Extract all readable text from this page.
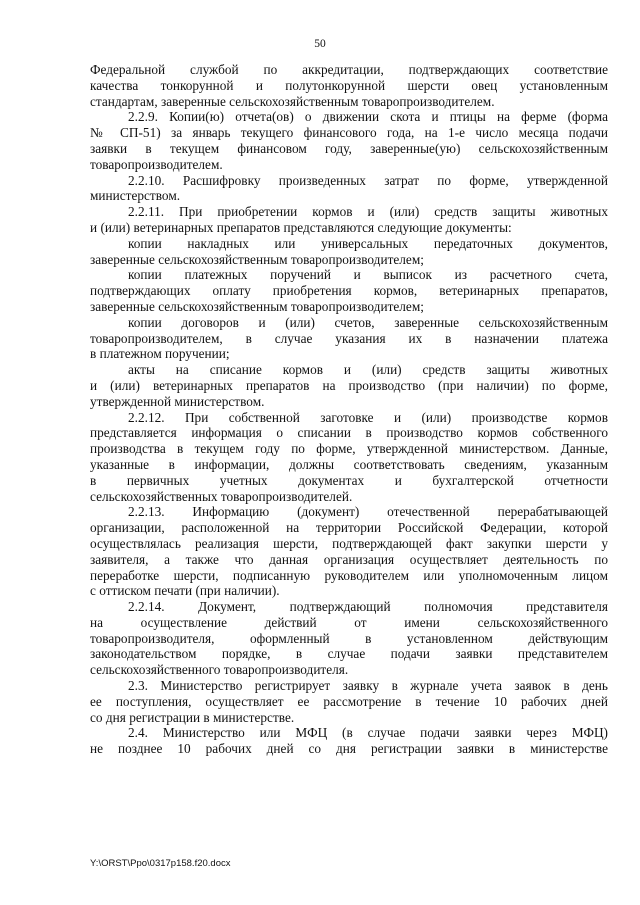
50
Федеральной службой по аккредитации, подтверждающих соответствие
качества тонкорунной и полутонкорунной шерсти овец установленным
стандартам, заверенные сельскохозяйственным товаропроизводителем.
2.2.9. Копии(ю) отчета(ов) о движении скота и птицы на ферме (форма
№ СП-51) за январь текущего финансового года, на 1-е число месяца подачи
заявки в текущем финансовом году, заверенные(ую) сельскохозяйственным
товаропроизводителем.
2.2.10. Расшифровку произведенных затрат по форме, утвержденной
министерством.
2.2.11. При приобретении кормов и (или) средств защиты животных
и (или) ветеринарных препаратов представляются следующие документы:
копии накладных или универсальных передаточных документов,
заверенные сельскохозяйственным товаропроизводителем;
копии платежных поручений и выписок из расчетного счета,
подтверждающих оплату приобретения кормов, ветеринарных препаратов,
заверенные сельскохозяйственным товаропроизводителем;
копии договоров и (или) счетов, заверенные сельскохозяйственным
товаропроизводителем, в случае указания их в назначении платежа
в платежном поручении;
акты на списание кормов и (или) средств защиты животных
и (или) ветеринарных препаратов на производство (при наличии) по форме,
утвержденной министерством.
2.2.12. При собственной заготовке и (или) производстве кормов
представляется информация о списании в производство кормов собственного
производства в текущем году по форме, утвержденной министерством. Данные,
указанные в информации, должны соответствовать сведениям, указанным
в первичных учетных документах и бухгалтерской отчетности
сельскохозяйственных товаропроизводителей.
2.2.13. Информацию (документ) отечественной перерабатывающей
организации, расположенной на территории Российской Федерации, которой
осуществлялась реализация шерсти, подтверждающей факт закупки шерсти у
заявителя, а также что данная организация осуществляет деятельность по
переработке шерсти, подписанную руководителем или уполномоченным лицом
с оттиском печати (при наличии).
2.2.14. Документ, подтверждающий полномочия представителя
на осуществление действий от имени сельскохозяйственного
товаропроизводителя, оформленный в установленном действующим
законодательством порядке, в случае подачи заявки представителем
сельскохозяйственного товаропроизводителя.
2.3. Министерство регистрирует заявку в журнале учета заявок в день
ее поступления, осуществляет ее рассмотрение в течение 10 рабочих дней
со дня регистрации в министерстве.
2.4. Министерство или МФЦ (в случае подачи заявки через МФЦ)
не позднее 10 рабочих дней со дня регистрации заявки в министерстве
Y:\ORST\Ppo\0317p158.f20.docx
